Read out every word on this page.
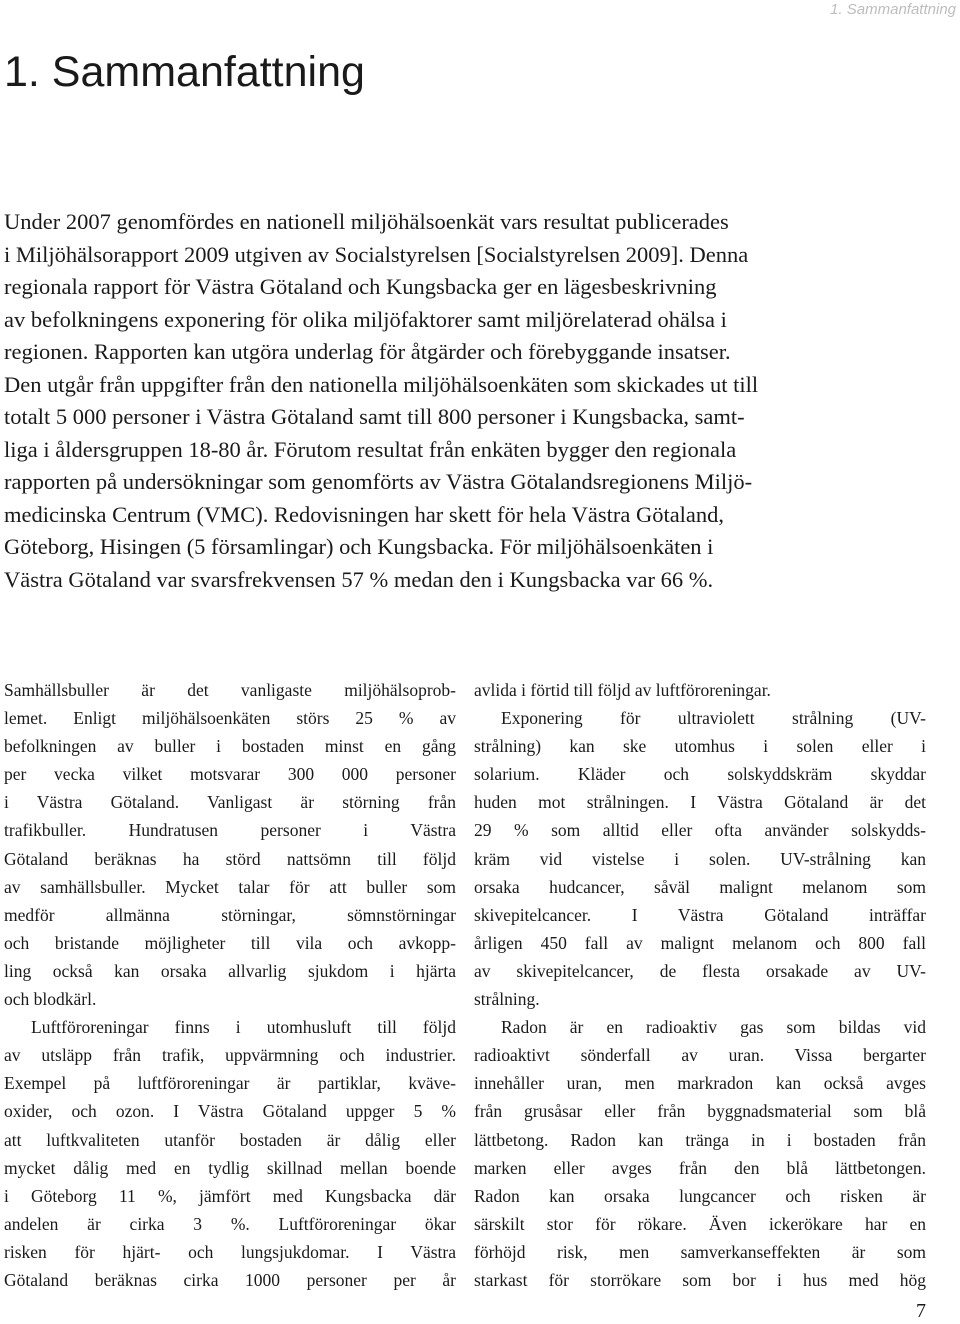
1. Sammanfattning
1. Sammanfattning
Under 2007 genomfördes en nationell miljöhälsoenkät vars resultat publicerades
i Miljöhälsorapport 2009 utgiven av Socialstyrelsen [Socialstyrelsen 2009]. Denna
regionala rapport för Västra Götaland och Kungsbacka ger en lägesbeskrivning
av befolkningens exponering för olika miljöfaktorer samt miljörelaterad ohälsa i
regionen. Rapporten kan utgöra underlag för åtgärder och förebyggande insatser.
Den utgår från uppgifter från den nationella miljöhälsoenkäten som skickades ut till
totalt 5 000 personer i Västra Götaland samt till 800 personer i Kungsbacka, samt-
liga i åldersgruppen 18-80 år. Förutom resultat från enkäten bygger den regionala
rapporten på undersökningar som genomförts av Västra Götalandsregionens Miljö-
medicinska Centrum (VMC). Redovisningen har skett för hela Västra Götaland,
Göteborg, Hisingen (5 församlingar) och Kungsbacka. För miljöhälsoenkäten i
Västra Götaland var svarsfrekvensen 57 % medan den i Kungsbacka var 66 %.

Samhällsbuller är det vanligaste miljöhälsoprob-
lemet. Enligt miljöhälsoenkäten störs 25 % av
befolkningen av buller i bostaden minst en gång
per vecka vilket motsvarar 300 000 personer
i Västra Götaland. Vanligast är störning från
trafikbuller. Hundratusen personer i Västra
Götaland beräknas ha störd nattsömn till följd
av samhällsbuller. Mycket talar för att buller som
medför allmänna störningar, sömnstörningar
och bristande möjligheter till vila och avkopp-
ling också kan orsaka allvarlig sjukdom i hjärta
och blodkärl.

Luftföroreningar finns i utomhusluft till följd
av utsläpp från trafik, uppvärmning och industrier.
Exempel på luftföroreningar är partiklar, kväve-
oxider, och ozon. I Västra Götaland uppger 5 %
att luftkvaliteten utanför bostaden är dålig eller
mycket dålig med en tydlig skillnad mellan boende
i Göteborg 11 %, jämfört med Kungsbacka där
andelen är cirka 3 %. Luftföroreningar ökar
risken för hjärt- och lungsjukdomar. I Västra
Götaland beräknas cirka 1000 personer per år

avlida i förtid till följd av luftföroreningar.

Exponering för ultraviolett strålning (UV-
strålning) kan ske utomhus i solen eller i
solarium. Kläder och solskyddskräm skyddar
huden mot strålningen. I Västra Götaland är det
29 % som alltid eller ofta använder solskydds-
kräm vid vistelse i solen. UV-strålning kan
orsaka hudcancer, såväl malignt melanom som
skivepitelcancer. I Västra Götaland inträffar
årligen 450 fall av malignt melanom och 800 fall
av skivepitelcancer, de flesta orsakade av UV-
strålning.

Radon är en radioaktiv gas som bildas vid
radioaktivt sönderfall av uran. Vissa bergarter
innehåller uran, men markradon kan också avges
från grusåsar eller från byggnadsmaterial som blå
lättbetong. Radon kan tränga in i bostaden från
marken eller avges från den blå lättbetongen.
Radon kan orsaka lungcancer och risken är
särskilt stor för rökare. Även ickerökare har en
förhöjd risk, men samverkanseffekten är som
starkast för storrökare som bor i hus med hög

7
